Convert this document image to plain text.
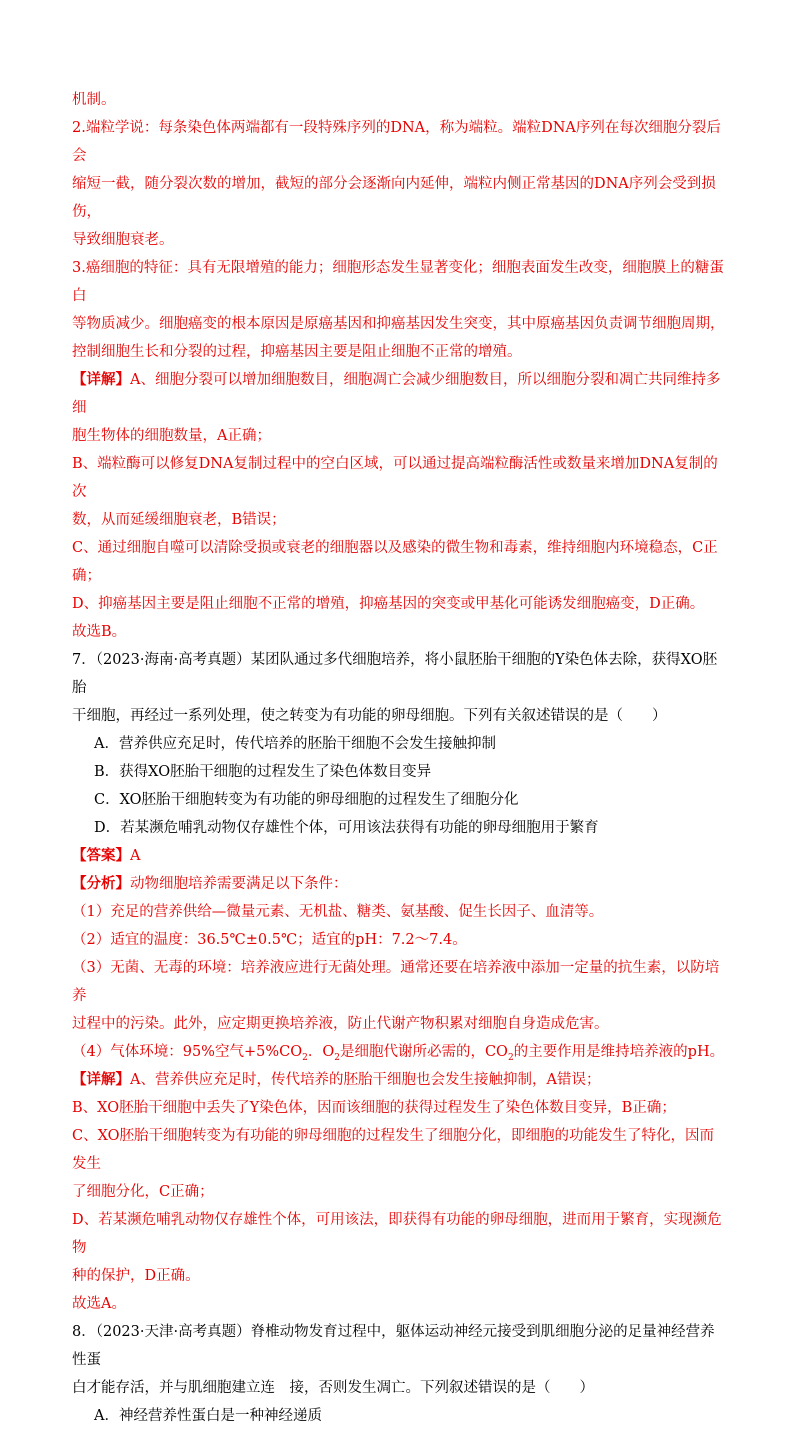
机制。

2.端粒学说：每条染色体两端都有一段特殊序列的DNA，称为端粒。端粒DNA序列在每次细胞分裂后会

缩短一截，随分裂次数的增加，截短的部分会逐渐向内延伸，端粒内侧正常基因的DNA序列会受到损伤，

导致细胞衰老。

3.癌细胞的特征：具有无限增殖的能力；细胞形态发生显著变化；细胞表面发生改变，细胞膜上的糖蛋白

等物质减少。细胞癌变的根本原因是原癌基因和抑癌基因发生突变，其中原癌基因负责调节细胞周期，

控制细胞生长和分裂的过程，抑癌基因主要是阻止细胞不正常的增殖。

【详解】A、细胞分裂可以增加细胞数目，细胞凋亡会减少细胞数目，所以细胞分裂和凋亡共同维持多细

胞生物体的细胞数量，A正确；

B、端粒酶可以修复DNA复制过程中的空白区域，可以通过提高端粒酶活性或数量来增加DNA复制的次

数，从而延缓细胞衰老，B错误；

C、通过细胞自噬可以清除受损或衰老的细胞器以及感染的微生物和毒素，维持细胞内环境稳态，C正确；

D、抑癌基因主要是阻止细胞不正常的增殖，抑癌基因的突变或甲基化可能诱发细胞癌变，D正确。

故选B。

7．（2023·海南·高考真题）某团队通过多代细胞培养，将小鼠胚胎干细胞的Y染色体去除，获得XO胚胎

干细胞，再经过一系列处理，使之转变为有功能的卵母细胞。下列有关叙述错误的是（　　）

A．营养供应充足时，传代培养的胚胎干细胞不会发生接触抑制

B．获得XO胚胎干细胞的过程发生了染色体数目变异

C．XO胚胎干细胞转变为有功能的卵母细胞的过程发生了细胞分化

D．若某濒危哺乳动物仅存雄性个体，可用该法获得有功能的卵母细胞用于繁育

【答案】A

【分析】动物细胞培养需要满足以下条件：

（1）充足的营养供给—微量元素、无机盐、糖类、氨基酸、促生长因子、血清等。

（2）适宜的温度：36.5℃±0.5℃；适宜的pH：7.2～7.4。

（3）无菌、无毒的环境：培养液应进行无菌处理。通常还要在培养液中添加一定量的抗生素，以防培养

过程中的污染。此外，应定期更换培养液，防止代谢产物积累对细胞自身造成危害。

（4）气体环境：95%空气$+5\%CO_2$．$O_2$是细胞代谢所必需的，$CO_2$的主要作用是维持培养液的pH。

【详解】A、营养供应充足时，传代培养的胚胎干细胞也会发生接触抑制，A错误；

B、XO胚胎干细胞中丢失了Y染色体，因而该细胞的获得过程发生了染色体数目变异，B正确；

C、XO胚胎干细胞转变为有功能的卵母细胞的过程发生了细胞分化，即细胞的功能发生了特化，因而发生

了细胞分化，C正确；

D、若某濒危哺乳动物仅存雄性个体，可用该法，即获得有功能的卵母细胞，进而用于繁育，实现濒危物

种的保护，D正确。

故选A。

8．（2023·天津·高考真题）脊椎动物发育过程中，躯体运动神经元接受到肌细胞分泌的足量神经营养性蛋

白才能存活，并与肌细胞建立连　接，否则发生凋亡。下列叙述错误的是（　　）

A．神经营养性蛋白是一种神经递质
